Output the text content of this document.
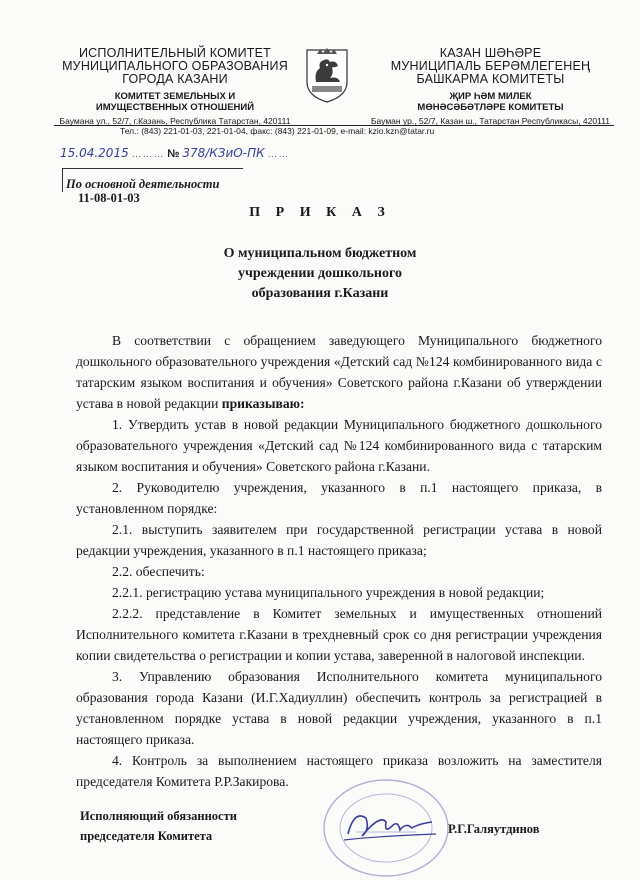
ИСПОЛНИТЕЛЬНЫЙ КОМИТЕТ
МУНИЦИПАЛЬНОГО ОБРАЗОВАНИЯ
ГОРОДА КАЗАНИ
КОМИТЕТ ЗЕМЕЛЬНЫХ И
ИМУЩЕСТВЕННЫХ ОТНОШЕНИЙ
Баумана ул., 52/7, г.Казань, Республика Татарстан, 420111
КАЗАН ШӘҺӘРЕ
МУНИЦИПАЛЬ БЕРӘМЛЕГЕНЕҢ
БАШКАРМА КОМИТЕТЫ
ҖИР ҺӘМ МИЛЕК
МӨНӘСӘБӘТЛӘРЕ КОМИТЕТЫ
Бауман ур., 52/7, Казан ш., Татарстан Республикасы, 420111
Тел.: (843) 221-01-03, 221-01-04, факс: (843) 221-01-09, e-mail: kzio.kzn@tatar.ru
15.04.2015 ……… № 378/КЗиО-ПК ……
По основной деятельности
11-08-01-03
П Р И К А З
О муниципальном бюджетном
учреждении дошкольного
образования г.Казани

В соответствии с обращением заведующего Муниципального бюджетного дошкольного образовательного учреждения «Детский сад №124 комбинированного вида с татарским языком воспитания и обучения» Советского района г.Казани об утверждении устава в новой редакции приказываю:

1. Утвердить устав в новой редакции Муниципального бюджетного дошкольного образовательного учреждения «Детский сад №124 комбинированного вида с татарским языком воспитания и обучения» Советского района г.Казани.

2. Руководителю учреждения, указанного в п.1 настоящего приказа, в установленном порядке:

2.1. выступить заявителем при государственной регистрации устава в новой редакции учреждения, указанного в п.1 настоящего приказа;

2.2. обеспечить:

2.2.1. регистрацию устава муниципального учреждения в новой редакции;

2.2.2. представление в Комитет земельных и имущественных отношений Исполнительного комитета г.Казани в трехдневный срок со дня регистрации учреждения копии свидетельства о регистрации и копии устава, заверенной в налоговой инспекции.

3. Управлению образования Исполнительного комитета муниципального образования города Казани (И.Г.Хадиуллин) обеспечить контроль за регистрацией в установленном порядке устава в новой редакции учреждения, указанного в п.1 настоящего приказа.

4. Контроль за выполнением настоящего приказа возложить на заместителя председателя Комитета Р.Р.Закирова.

Исполняющий обязанности
председателя Комитета	Р.Г.Галяутдинов
